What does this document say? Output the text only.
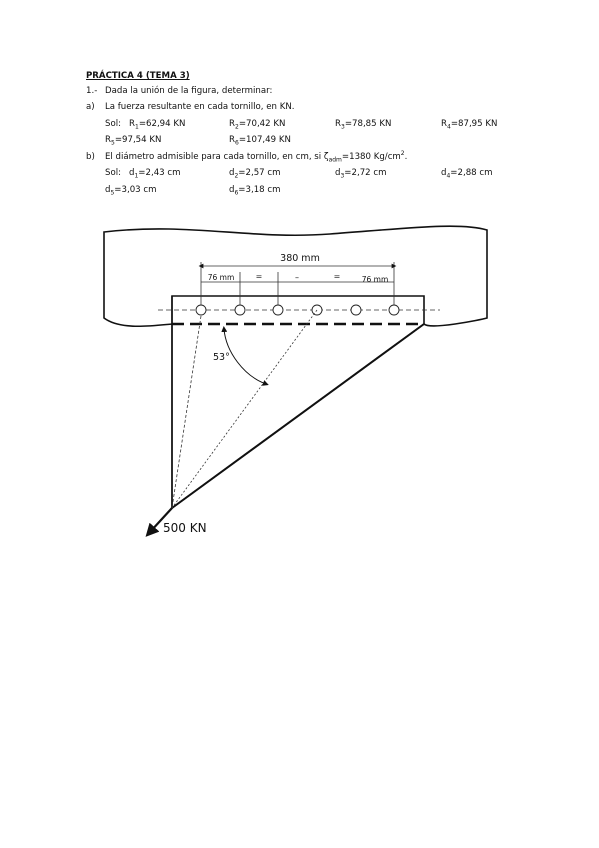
PRÁCTICA 4 (TEMA 3)
1.- Dada la unión de la figura, determinar:
a) La fuerza resultante en cada tornillo, en KN.
Sol: $R_1=62,94$ KN	$R_2=70,42$ KN	$R_3=78,85$ KN	$R_4=87,95$ KN
$R_5=97,54$ KN	$R_6=107,49$ KN
b) El diámetro admisible para cada tornillo, en cm, si $\zeta_{adm}=1380$ $Kg/cm^2$.
Sol: $d_1=2,43$ cm	$d_2=2,57$ cm	$d_3=2,72$ cm	$d_4=2,88$ cm
$d_5=3,03$ cm	$d_6=3,18$ cm
380 mm
76 mm	=	–	=	76 mm
53°
500 KN
